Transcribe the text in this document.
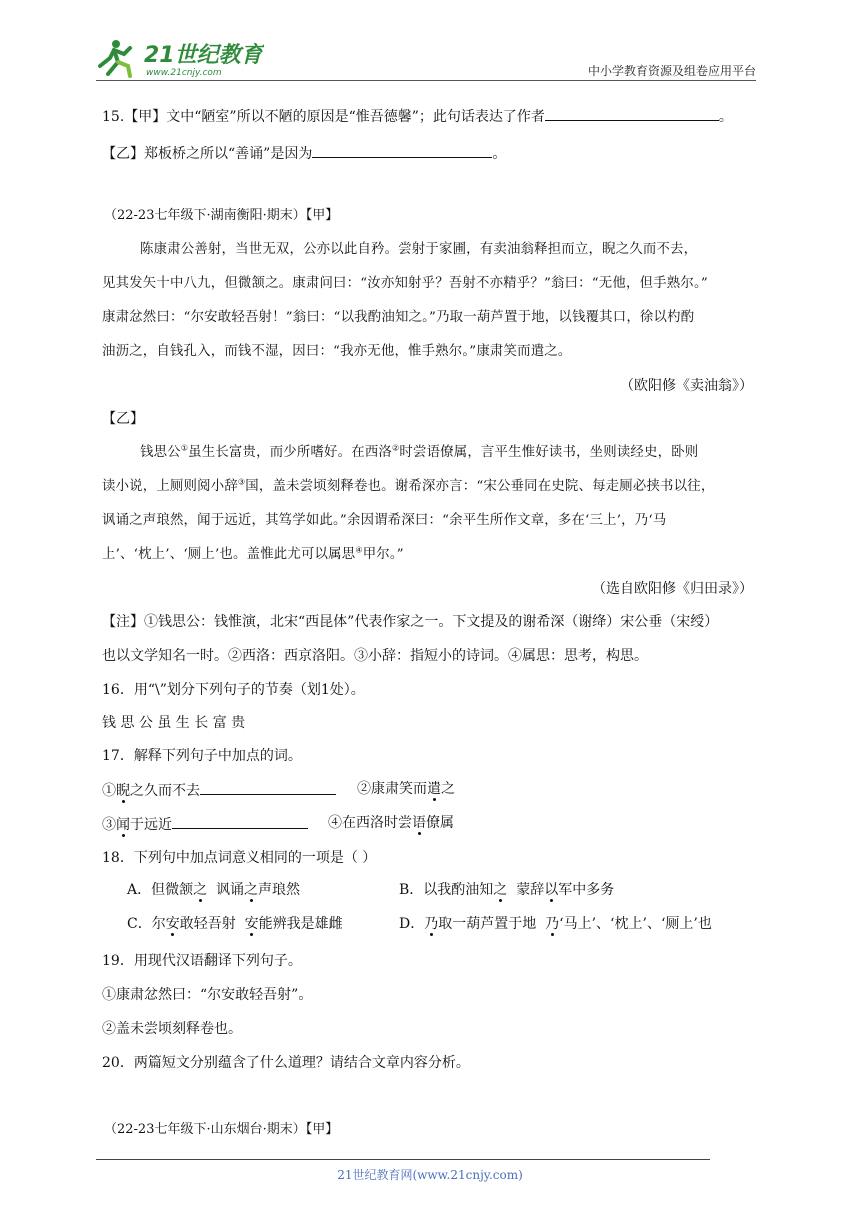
21世纪教育
www.21cnjy.com	中小学教育资源及组卷应用平台
15.【甲】文中“陋室”所以不陋的原因是“惟吾德馨”；此句话表达了作者	。
【乙】郑板桥之所以“善诵”是因为	。
（22-23七年级下·湖南衡阳·期末）【甲】
陈康肃公善射，当世无双，公亦以此自矜。尝射于家圃，有卖油翁释担而立，睨之久而不去，
见其发矢十中八九，但微颔之。康肃问曰：“汝亦知射乎？吾射不亦精乎？”翁曰：“无他，但手熟尔。”
康肃忿然曰：“尔安敢轻吾射！”翁曰：“以我酌油知之。”乃取一葫芦置于地，以钱覆其口，徐以杓酌
油沥之，自钱孔入，而钱不湿，因曰：“我亦无他，惟手熟尔。”康肃笑而遣之。
（欧阳修《卖油翁》）
【乙】
钱思公①虽生长富贵，而少所嗜好。在西洛②时尝语僚属，言平生惟好读书，坐则读经史，卧则
读小说，上厕则阅小辞③国，盖未尝顷刻释卷也。谢希深亦言：“宋公垂同在史院、每走厕必挟书以往，
讽诵之声琅然，闻于远近，其笃学如此。”余因谓希深曰：“余平生所作文章，多在‘三上’，乃‘马
上’、‘枕上’、‘厕上’也。盖惟此尤可以属思④甲尔。”
（选自欧阳修《归田录》）
【注】①钱思公：钱惟演，北宋“西昆体”代表作家之一。下文提及的谢希深（谢绛）宋公垂（宋绶）
也以文学知名一时。②西洛：西京洛阳。③小辞：指短小的诗词。④属思：思考，构思。
16．用“\”划分下列句子的节奏（划1处）。
钱 思 公 虽 生 长 富 贵
17．解释下列句子中加点的词。
①睨之久而不去	②康肃笑而遣之
③闻于远近	④在西洛时尝语僚属
18．下列句中加点词意义相同的一项是（ ）
A．但微颔之  讽诵之声琅然	B．以我酌油知之  蒙辞以军中多务
C．尔安敢轻吾射  安能辨我是雄雌	D．乃取一葫芦置于地  乃‘马上’、‘枕上’、‘厕上’也
19．用现代汉语翻译下列句子。
①康肃忿然曰：“尔安敢轻吾射”。
②盖未尝顷刻释卷也。
20．两篇短文分别蕴含了什么道理？请结合文章内容分析。
（22-23七年级下·山东烟台·期末）【甲】
21世纪教育网(www.21cnjy.com)
